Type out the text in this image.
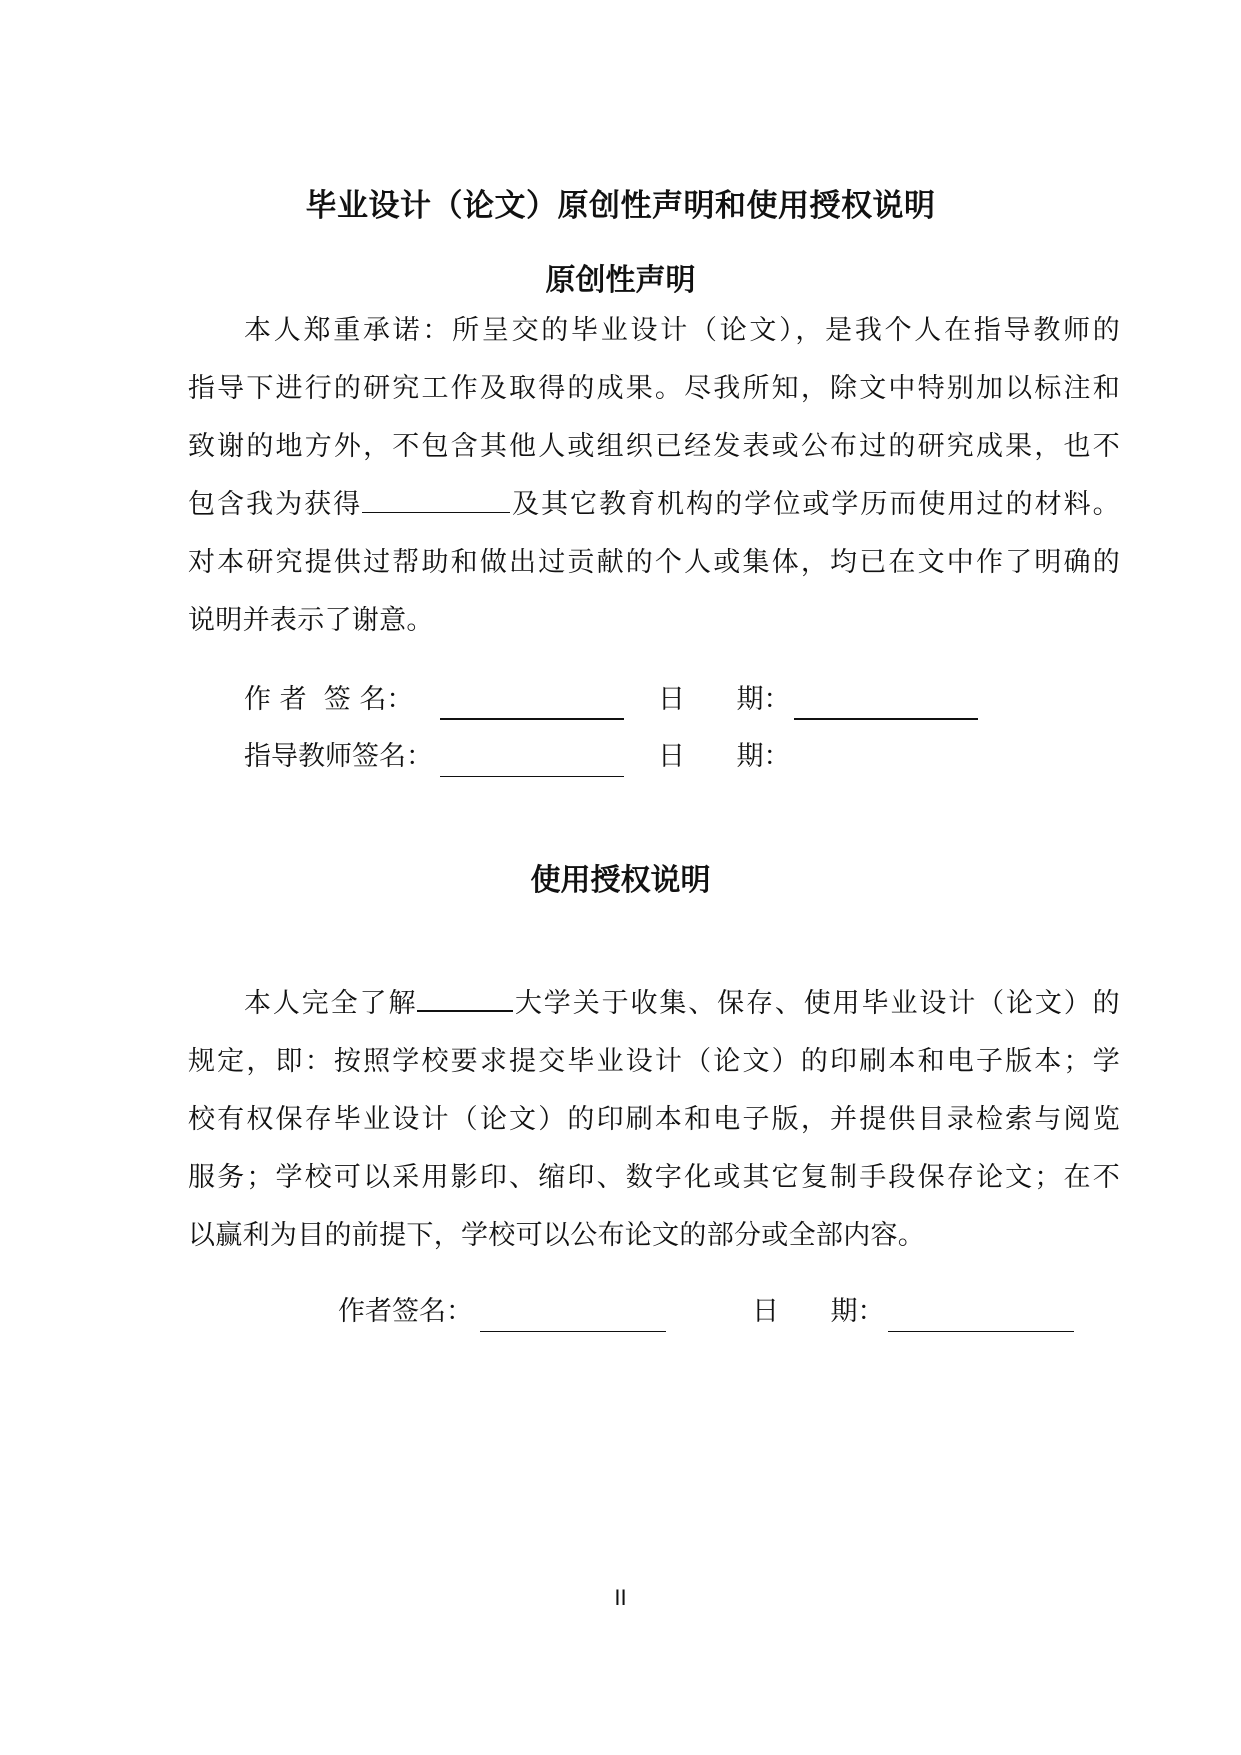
毕业设计（论文）原创性声明和使用授权说明
原创性声明
本人郑重承诺：所呈交的毕业设计（论文），是我个人在指导教师的
指导下进行的研究工作及取得的成果。尽我所知，除文中特别加以标注和
致谢的地方外，不包含其他人或组织已经发表或公布过的研究成果，也不
包含我为获得	及其它教育机构的学位或学历而使用过的材料。
对本研究提供过帮助和做出过贡献的个人或集体，均已在文中作了明确的
说明并表示了谢意。
作 者  签 名：	日      期：
指导教师签名：	日      期：
使用授权说明
本人完全了解	大学关于收集、保存、使用毕业设计（论文）的
规定，即：按照学校要求提交毕业设计（论文）的印刷本和电子版本；学
校有权保存毕业设计（论文）的印刷本和电子版，并提供目录检索与阅览
服务；学校可以采用影印、缩印、数字化或其它复制手段保存论文；在不
以赢利为目的前提下，学校可以公布论文的部分或全部内容。
作者签名：	日      期：
II
